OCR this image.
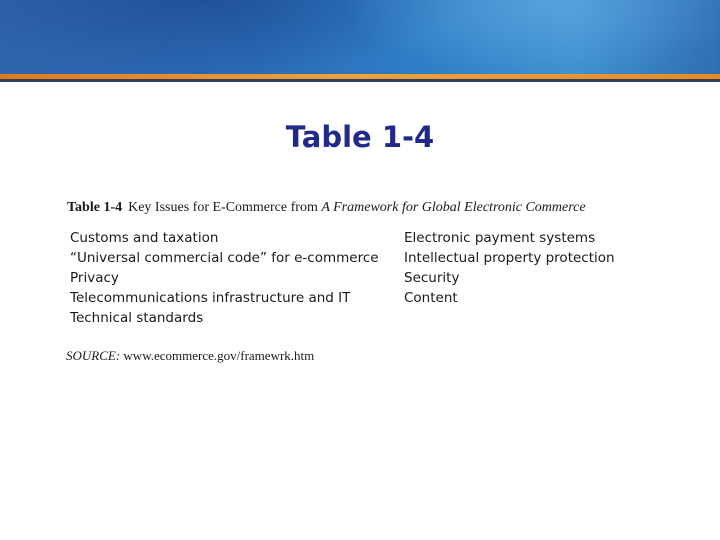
Table 1-4

Table 1-4 Key Issues for E-Commerce from A Framework for Global Electronic Commerce

Customs and taxation
“Universal commercial code” for e-commerce
Privacy
Telecommunications infrastructure and IT
Technical standards
Electronic payment systems
Intellectual property protection
Security
Content

SOURCE: www.ecommerce.gov/framewrk.htm
